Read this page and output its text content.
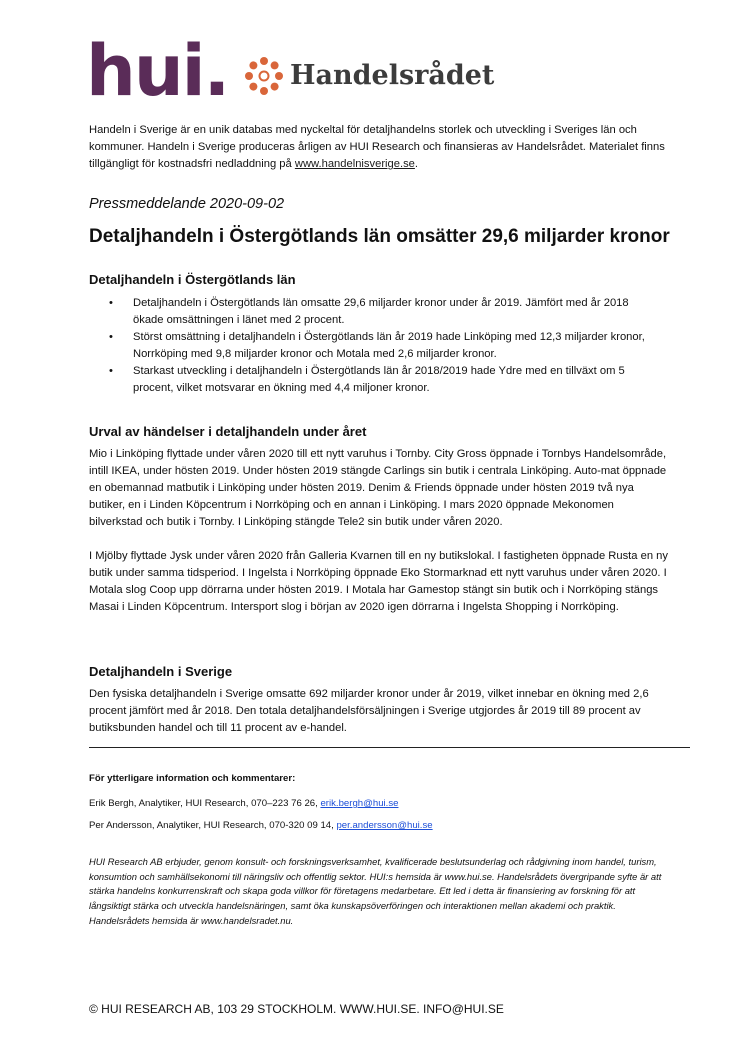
hui. Handelsrådet
Handeln i Sverige är en unik databas med nyckeltal för detaljhandelns storlek och utveckling i Sveriges län och kommuner. Handeln i Sverige produceras årligen av HUI Research och finansieras av Handelsrådet. Materialet finns tillgängligt för kostnadsfri nedladdning på www.handelnisverige.se.
Pressmeddelande 2020-09-02
Detaljhandeln i Östergötlands län omsätter 29,6 miljarder kronor
Detaljhandeln i Östergötlands län
• Detaljhandeln i Östergötlands län omsatte 29,6 miljarder kronor under år 2019. Jämfört med år 2018 ökade omsättningen i länet med 2 procent.
• Störst omsättning i detaljhandeln i Östergötlands län år 2019 hade Linköping med 12,3 miljarder kronor, Norrköping med 9,8 miljarder kronor och Motala med 2,6 miljarder kronor.
• Starkast utveckling i detaljhandeln i Östergötlands län år 2018/2019 hade Ydre med en tillväxt om 5 procent, vilket motsvarar en ökning med 4,4 miljoner kronor.
Urval av händelser i detaljhandeln under året
Mio i Linköping flyttade under våren 2020 till ett nytt varuhus i Tornby. City Gross öppnade i Tornbys Handelsområde, intill IKEA, under hösten 2019. Under hösten 2019 stängde Carlings sin butik i centrala Linköping. Auto-mat öppnade en obemannad matbutik i Linköping under hösten 2019. Denim & Friends öppnade under hösten 2019 två nya butiker, en i Linden Köpcentrum i Norrköping och en annan i Linköping. I mars 2020 öppnade Mekonomen bilverkstad och butik i Tornby. I Linköping stängde Tele2 sin butik under våren 2020.
I Mjölby flyttade Jysk under våren 2020 från Galleria Kvarnen till en ny butikslokal. I fastigheten öppnade Rusta en ny butik under samma tidsperiod. I Ingelsta i Norrköping öppnade Eko Stormarknad ett nytt varuhus under våren 2020. I Motala slog Coop upp dörrarna under hösten 2019. I Motala har Gamestop stängt sin butik och i Norrköping stängs Masai i Linden Köpcentrum. Intersport slog i början av 2020 igen dörrarna i Ingelsta Shopping i Norrköping.
Detaljhandeln i Sverige
Den fysiska detaljhandeln i Sverige omsatte 692 miljarder kronor under år 2019, vilket innebar en ökning med 2,6 procent jämfört med år 2018. Den totala detaljhandelsförsäljningen i Sverige utgjordes år 2019 till 89 procent av butiksbunden handel och till 11 procent av e-handel.
För ytterligare information och kommentarer:
Erik Bergh, Analytiker, HUI Research, 070–223 76 26, erik.bergh@hui.se
Per Andersson, Analytiker, HUI Research, 070-320 09 14, per.andersson@hui.se
HUI Research AB erbjuder, genom konsult- och forskningsverksamhet, kvalificerade beslutsunderlag och rådgivning inom handel, turism, konsumtion och samhällsekonomi till näringsliv och offentlig sektor. HUI:s hemsida är www.hui.se. Handelsrådets övergripande syfte är att stärka handelns konkurrenskraft och skapa goda villkor för företagens medarbetare. Ett led i detta är finansiering av forskning för att långsiktigt stärka och utveckla handelsnäringen, samt öka kunskapsöverföringen och interaktionen mellan akademi och praktik. Handelsrådets hemsida är www.handelsradet.nu.
© HUI RESEARCH AB, 103 29 STOCKHOLM. WWW.HUI.SE. INFO@HUI.SE
